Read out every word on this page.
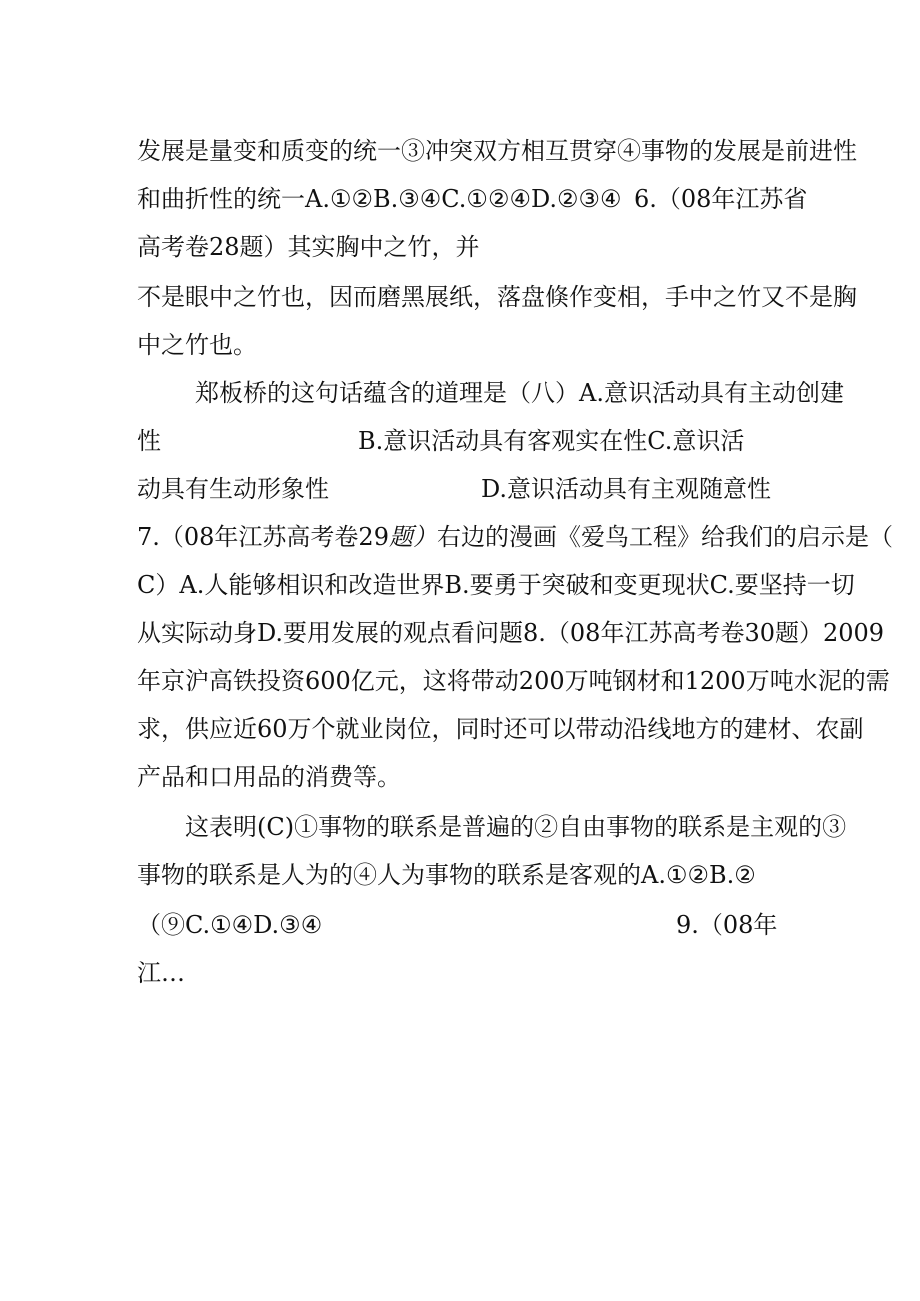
发展是量变和质变的统一③冲突双方相互贯穿④事物的发展是前进性
和曲折性的统一A.①②B.③④C.①②④D.②③④ 6.（08年江苏省
高考卷28题）其实胸中之竹，并
不是眼中之竹也，因而磨黑展纸，落盘倏作变相，手中之竹又不是胸
中之竹也。
郑板桥的这句话蕴含的道理是（八）A.意识活动具有主动创建
性	B.意识活动具有客观实在性C.意识活
动具有生动形象性	D.意识活动具有主观随意性
7.（08年江苏高考卷29题）右边的漫画《爱鸟工程》给我们的启示是（
C）A.人能够相识和改造世界B.要勇于突破和变更现状C.要坚持一切
从实际动身D.要用发展的观点看问题8.（08年江苏高考卷30题）2009
年京沪高铁投资600亿元，这将带动200万吨钢材和1200万吨水泥的需
求，供应近60万个就业岗位，同时还可以带动沿线地方的建材、农副
产品和口用品的消费等。
这表明(C)①事物的联系是普遍的②自由事物的联系是主观的③
事物的联系是人为的④人为事物的联系是客观的A.①②B.②
（⑨C.①④D.③④	9.（08年
江…
